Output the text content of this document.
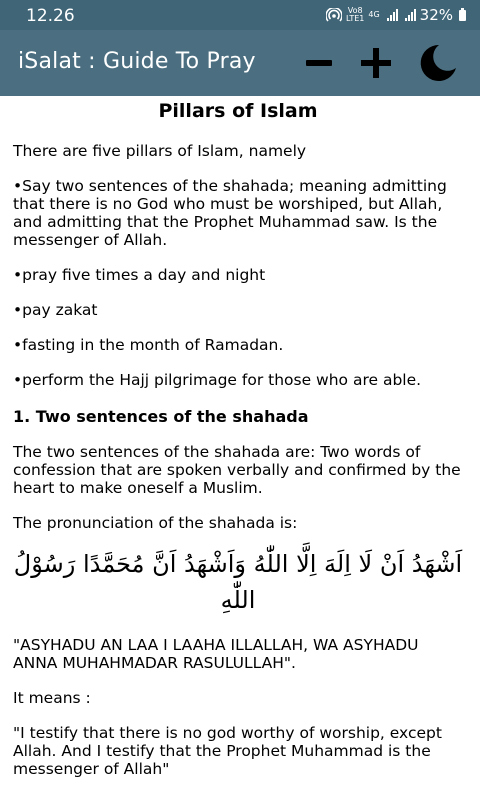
12.26	Vo8
LTE1 4G	32%
iSalat : Guide To Pray
Pillars of Islam

There are five pillars of Islam, namely

•Say two sentences of the shahada; meaning admitting that there is no God who must be worshiped, but Allah, and admitting that the Prophet Muhammad saw. Is the messenger of Allah.

•pray five times a day and night

•pay zakat

•fasting in the month of Ramadan.

•perform the Hajj pilgrimage for those who are able.

1. Two sentences of the shahada

The two sentences of the shahada are: Two words of confession that are spoken verbally and confirmed by the heart to make oneself a Muslim.

The pronunciation of the shahada is:

اَشْهَدُ اَنْ لَا اِلَهَ اِلَّا اللّٰهُ وَاَشْهَدُ اَنَّ مُحَمَّدًا رَسُوْلُ اللّٰهِ

"ASYHADU AN LAA I LAAHA ILLALLAH, WA ASYHADU ANNA MUHAHMADAR RASULULLAH".

It means :

"I testify that there is no god worthy of worship, except Allah. And I testify that the Prophet Muhammad is the messenger of Allah"
